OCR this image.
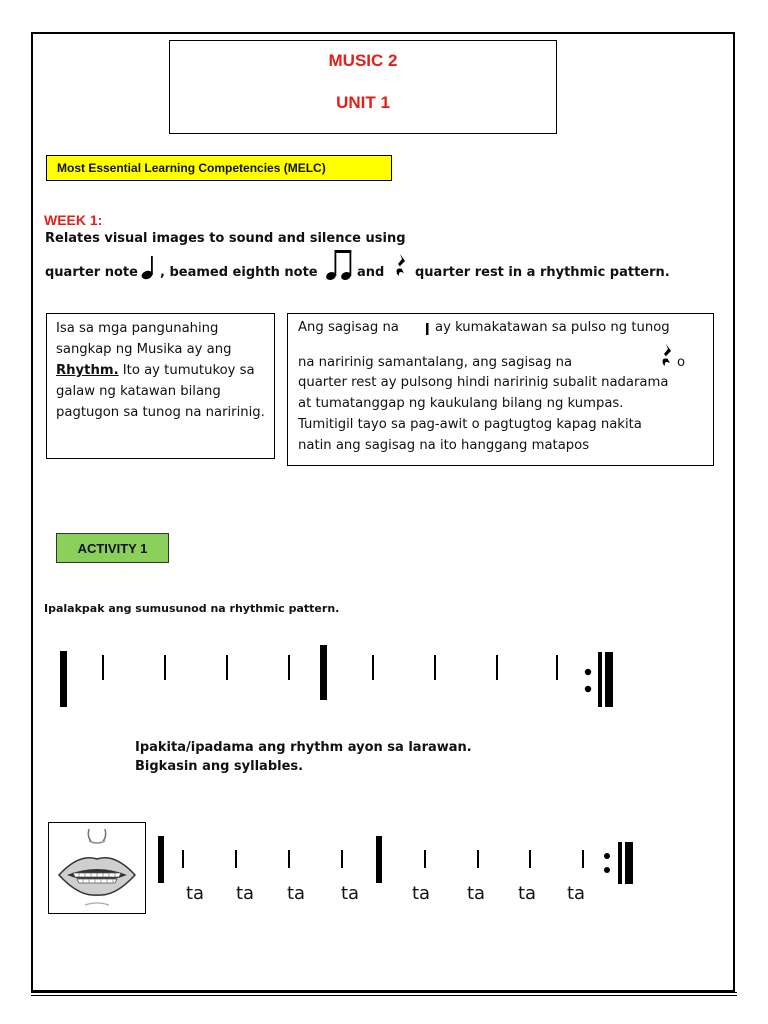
MUSIC 2
UNIT 1
Most Essential Learning Competencies (MELC)
WEEK 1:
Relates visual images to sound and silence using
quarter note , beamed eighth note	and quarter rest in a rhythmic pattern.
Isa sa mga pangunahing sangkap ng Musika ay ang Rhythm. Ito ay tumutukoy sa galaw ng katawan bilang pagtugon sa tunog na naririnig.
Ang sagisag na	ay kumakatawan sa pulso ng tunog
na naririnig samantalang, ang sagisag na	o
quarter rest ay pulsong hindi naririnig subalit nadarama
at tumatanggap ng kaukulang bilang ng kumpas.
Tumitigil tayo sa pag-awit o pagtugtog kapag nakita
natin ang sagisag na ito hanggang matapos
ACTIVITY 1
Ipalakpak ang sumusunod na rhythmic pattern.
Ipakita/ipadama ang rhythm ayon sa larawan.
Bigkasin ang syllables.
ta ta ta ta	ta ta ta ta
